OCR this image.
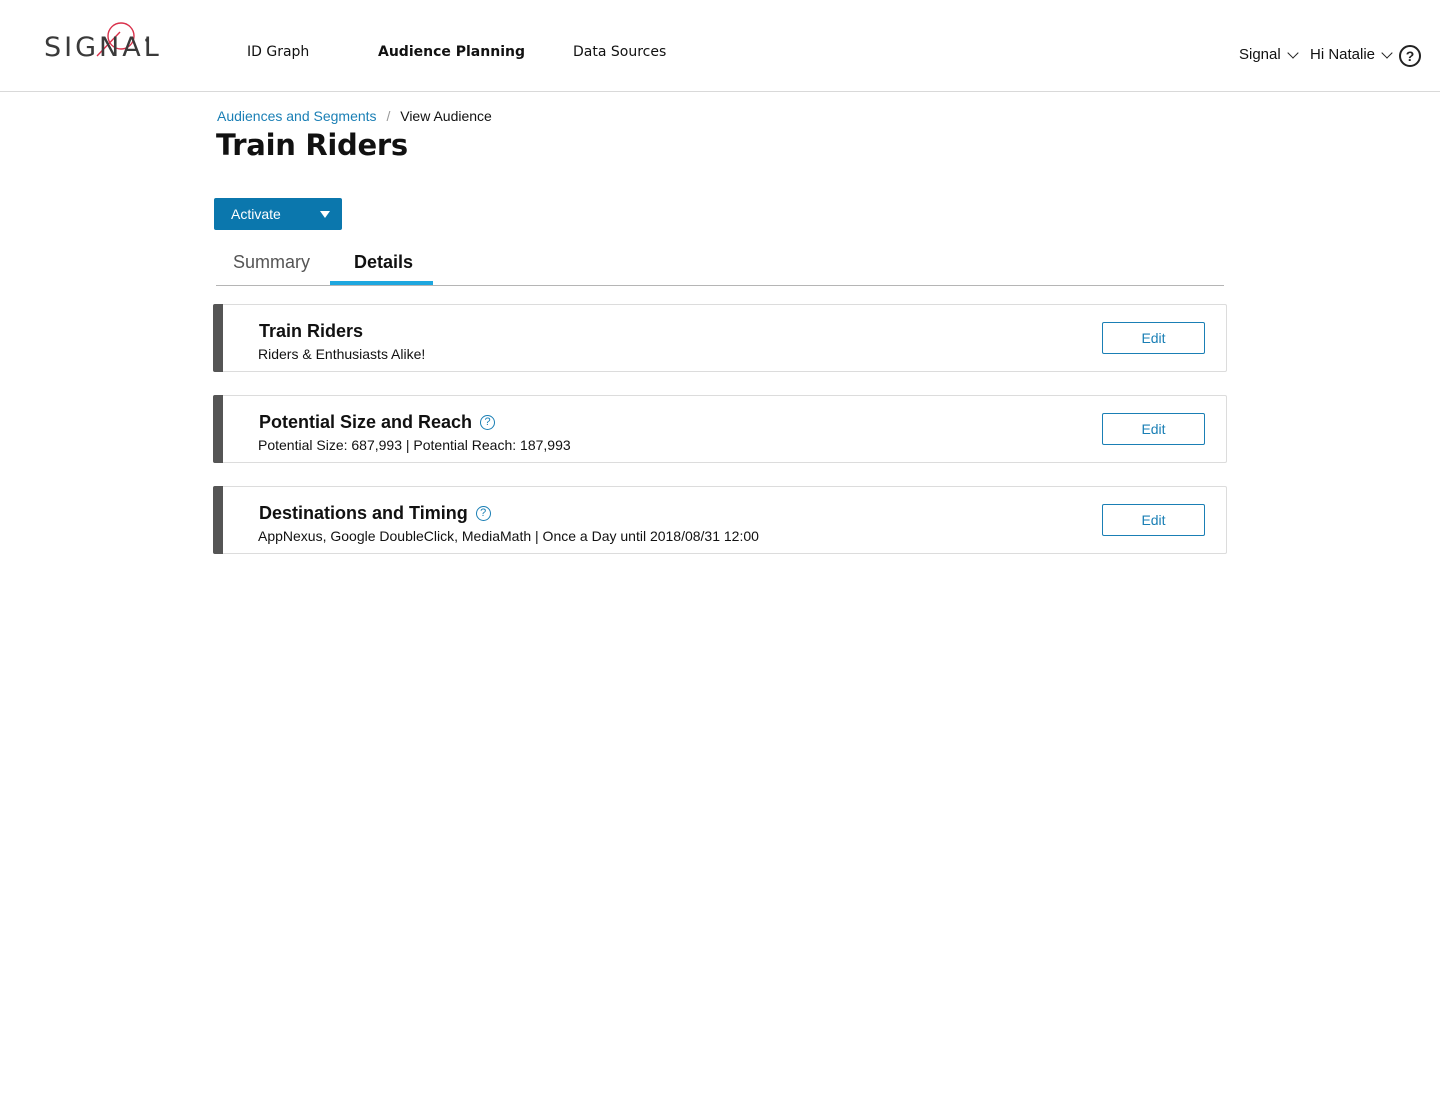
SIGNAL	ID Graph	Audience Planning	Data Sources	Signal Hi Natalie	?
Audiences and Segments / View Audience
Train Riders
Activate
Summary Details
Train Riders
Riders & Enthusiasts Alike!
Edit
Potential Size and Reach	?
Potential Size: 687,993 | Potential Reach: 187,993
Edit
Destinations and Timing	?
AppNexus, Google DoubleClick, MediaMath | Once a Day until 2018/08/31 12:00
Edit
